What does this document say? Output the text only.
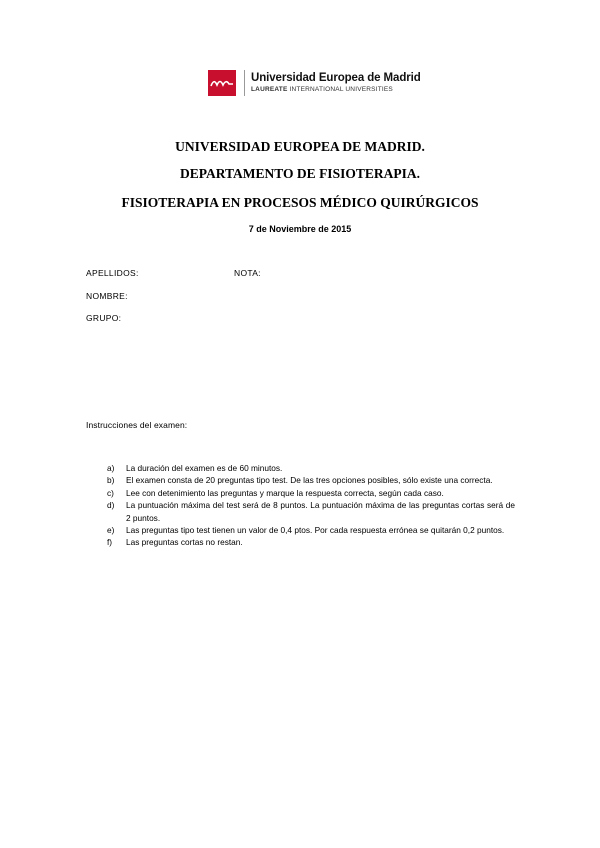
Universidad Europea de Madrid
LAUREATE INTERNATIONAL UNIVERSITIES
UNIVERSIDAD EUROPEA DE MADRID.
DEPARTAMENTO DE FISIOTERAPIA.
FISIOTERAPIA EN PROCESOS MÉDICO QUIRÚRGICOS
7 de Noviembre de 2015
APELLIDOS:	NOTA:
NOMBRE:
GRUPO:
Instrucciones del examen:
a)	La duración del examen es de 60 minutos.
b)	El examen consta de 20 preguntas tipo test. De las tres opciones posibles, sólo existe una correcta.
c)	Lee con detenimiento las preguntas y marque la respuesta correcta, según cada caso.
d)	La puntuación máxima del test será de 8 puntos. La puntuación máxima de las preguntas cortas será de 2 puntos.
e)	Las preguntas tipo test tienen un valor de 0,4 ptos. Por cada respuesta errónea se quitarán 0,2 puntos.
f)	Las preguntas cortas no restan.
